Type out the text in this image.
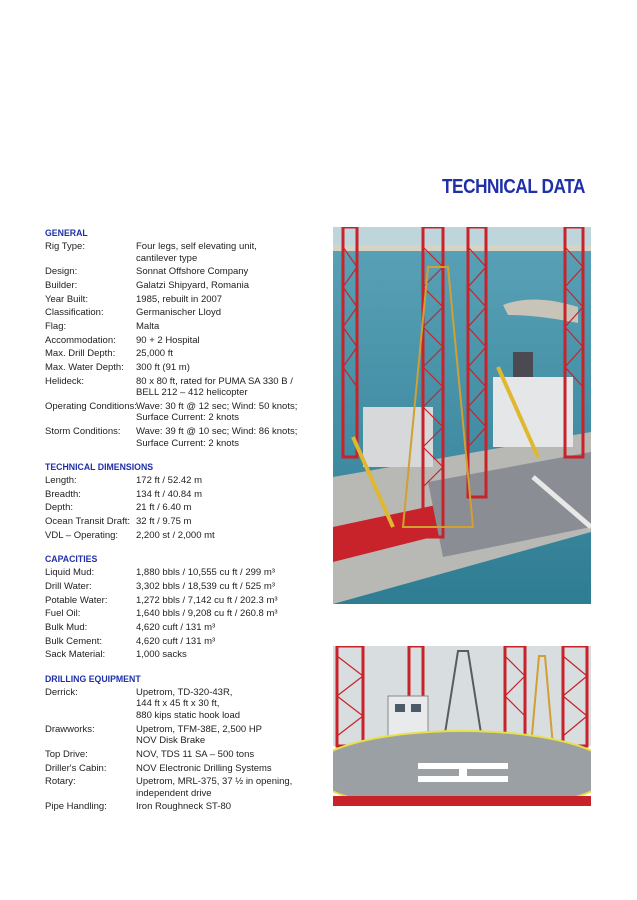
TECHNICAL DATA
GENERAL
Rig Type:	Four legs, self elevating unit,
cantilever type
Design:	Sonnat Offshore Company
Builder:	Galatzi Shipyard, Romania
Year Built:	1985, rebuilt in 2007
Classification:	Germanischer Lloyd
Flag:	Malta
Accommodation:	90 + 2 Hospital
Max. Drill Depth:	25,000 ft
Max. Water Depth:	300 ft (91 m)
Helideck:	80 x 80 ft, rated for PUMA SA 330 B /
BELL 212 – 412 helicopter
Operating Conditions: Wave: 30 ft @ 12 sec; Wind: 50 knots;
Surface Current: 2 knots
Storm Conditions:	Wave: 39 ft @ 10 sec; Wind: 86 knots;
Surface Current: 2 knots
TECHNICAL DIMENSIONS
Length:	172 ft / 52.42 m
Breadth:	134 ft / 40.84 m
Depth:	21 ft / 6.40 m
Ocean Transit Draft: 32 ft / 9.75 m
VDL – Operating:	2,200 st / 2,000 mt
CAPACITIES
Liquid Mud:	1,880 bbls / 10,555 cu ft / 299 m³
Drill Water:	3,302 bbls / 18,539 cu ft / 525 m³
Potable Water:	1,272 bbls / 7,142 cu ft / 202.3 m³
Fuel Oil:	1,640 bbls / 9,208 cu ft / 260.8 m³
Bulk Mud:	4,620 cuft / 131 m³
Bulk Cement:	4,620 cuft / 131 m³
Sack Material:	1,000 sacks
DRILLING EQUIPMENT
Derrick:	Upetrom, TD-320-43R,
144 ft x 45 ft x 30 ft,
880 kips static hook load
Drawworks:	Upetrom, TFM-38E, 2,500 HP
NOV Disk Brake
Top Drive:	NOV, TDS 11 SA – 500 tons
Driller's Cabin:	NOV Electronic Drilling Systems
Rotary:	Upetrom, MRL-375, 37 ½ in opening,
independent drive
Pipe Handling:	Iron Roughneck ST-80
